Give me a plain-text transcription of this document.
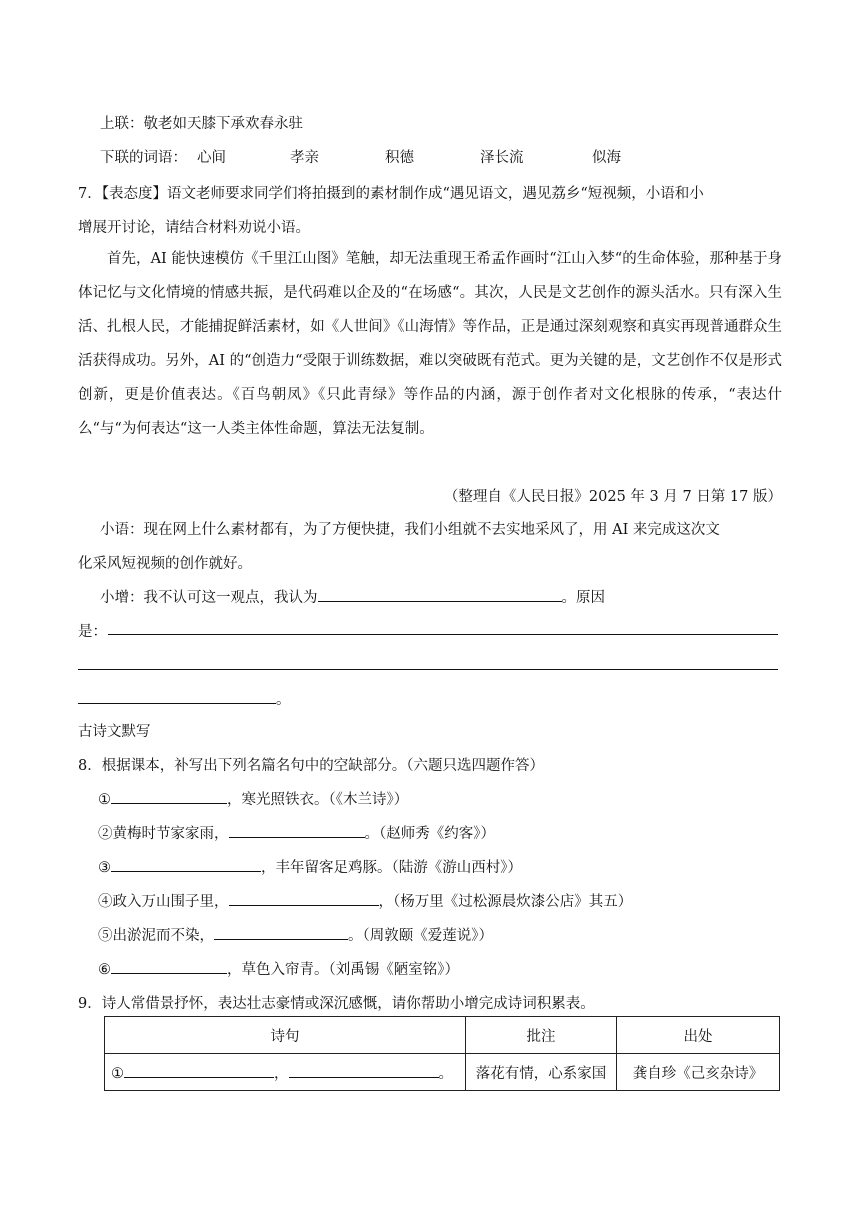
上联：敬老如天膝下承欢春永驻
下联的词语： 心间	孝亲	积德	泽长流	似海
7．【表态度】语文老师要求同学们将拍摄到的素材制作成“遇见语文，遇见荔乡“短视频，小语和小
增展开讨论，请结合材料劝说小语。
首先，AI 能快速模仿《千里江山图》笔触，却无法重现王希孟作画时“江山入梦“的生命体验，那种基于身体记忆与文化情境的情感共振，是代码难以企及的“在场感“。其次，人民是文艺创作的源头活水。只有深入生活、扎根人民，才能捕捉鲜活素材，如《人世间》《山海情》等作品，正是通过深刻观察和真实再现普通群众生活获得成功。另外，AI 的“创造力“受限于训练数据，难以突破既有范式。更为关键的是，文艺创作不仅是形式创新，更是价值表达。《百鸟朝凤》《只此青绿》等作品的内涵，源于创作者对文化根脉的传承，“表达什么“与“为何表达“这一人类主体性命题，算法无法复制。
（整理自《人民日报》2025 年 3 月 7 日第 17 版）
小语：现在网上什么素材都有，为了方便快捷，我们小组就不去实地采风了，用 AI 来完成这次文
化采风短视频的创作就好。
小增：我不认可这一观点，我认为	。原因
是：
。
古诗文默写
8．根据课本，补写出下列名篇名句中的空缺部分。（六题只选四题作答）
①	，寒光照铁衣。（《木兰诗》）
②黄梅时节家家雨，	。（赵师秀《约客》）
③	，丰年留客足鸡豚。（陆游《游山西村》）
④政入万山围子里，	，（杨万里《过松源晨炊漆公店》其五）
⑤出淤泥而不染，	。（周敦颐《爱莲说》）
⑥	，草色入帘青。（刘禹锡《陋室铭》）
9．诗人常借景抒怀，表达壮志豪情或深沉感慨，请你帮助小增完成诗词积累表。
诗句	批注	出处
① ， 。	落花有情，心系家国	龚自珍《己亥杂诗》
